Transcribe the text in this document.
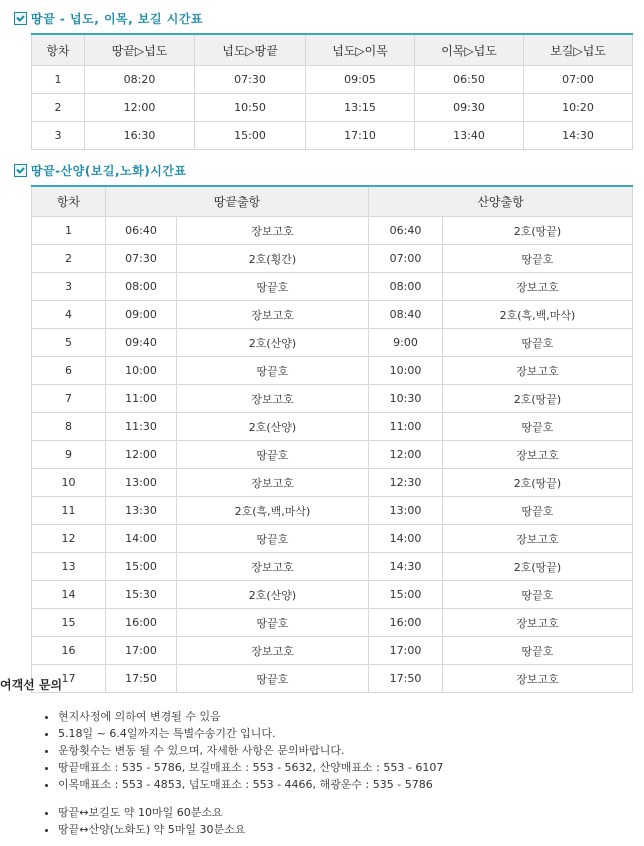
땅끝 - 넙도, 이목, 보길 시간표
항차	땅끝▷넙도	넙도▷땅끝	넙도▷이목	이목▷넙도	보길▷넙도
1	08:20	07:30	09:05	06:50	07:00
2	12:00	10:50	13:15	09:30	10:20
3	16:30	15:00	17:10	13:40	14:30
땅끝-산양(보길,노화)시간표
항차	땅끝출항		산양출항	
1	06:40	장보고호	06:40	2호(땅끝)
2	07:30	2호(횡간)	07:00	땅끝호
3	08:00	땅끝호	08:00	장보고호
4	09:00	장보고호	08:40	2호(흑,백,마삭)
5	09:40	2호(산양)	9:00	땅끝호
6	10:00	땅끝호	10:00	장보고호
7	11:00	장보고호	10:30	2호(땅끝)
8	11:30	2호(산양)	11:00	땅끝호
9	12:00	땅끝호	12:00	장보고호
10	13:00	장보고호	12:30	2호(땅끝)
11	13:30	2호(흑,백,마삭)	13:00	땅끝호
12	14:00	땅끝호	14:00	장보고호
13	15:00	장보고호	14:30	2호(땅끝)
14	15:30	2호(산양)	15:00	땅끝호
15	16:00	땅끝호	16:00	장보고호
16	17:00	장보고호	17:00	땅끝호
17	17:50	땅끝호	17:50	장보고호
여객선 문의
• 현지사정에 의하여 변경될 수 있음
• 5.18일 ~ 6.4일까지는 특별수송기간 입니다.
• 운항횟수는 변동 될 수 있으며, 자세한 사항은 문의바랍니다.
• 땅끝매표소 : 535 - 5786, 보길매표소 : 553 - 5632, 산양매표소 : 553 - 6107
• 이목매표소 : 553 - 4853, 넙도매표소 : 553 - 4466, 해광운수 : 535 - 5786
• 땅끝↔보길도 약 10마일 60분소요
• 땅끝↔산양(노화도) 약 5마일 30분소요
